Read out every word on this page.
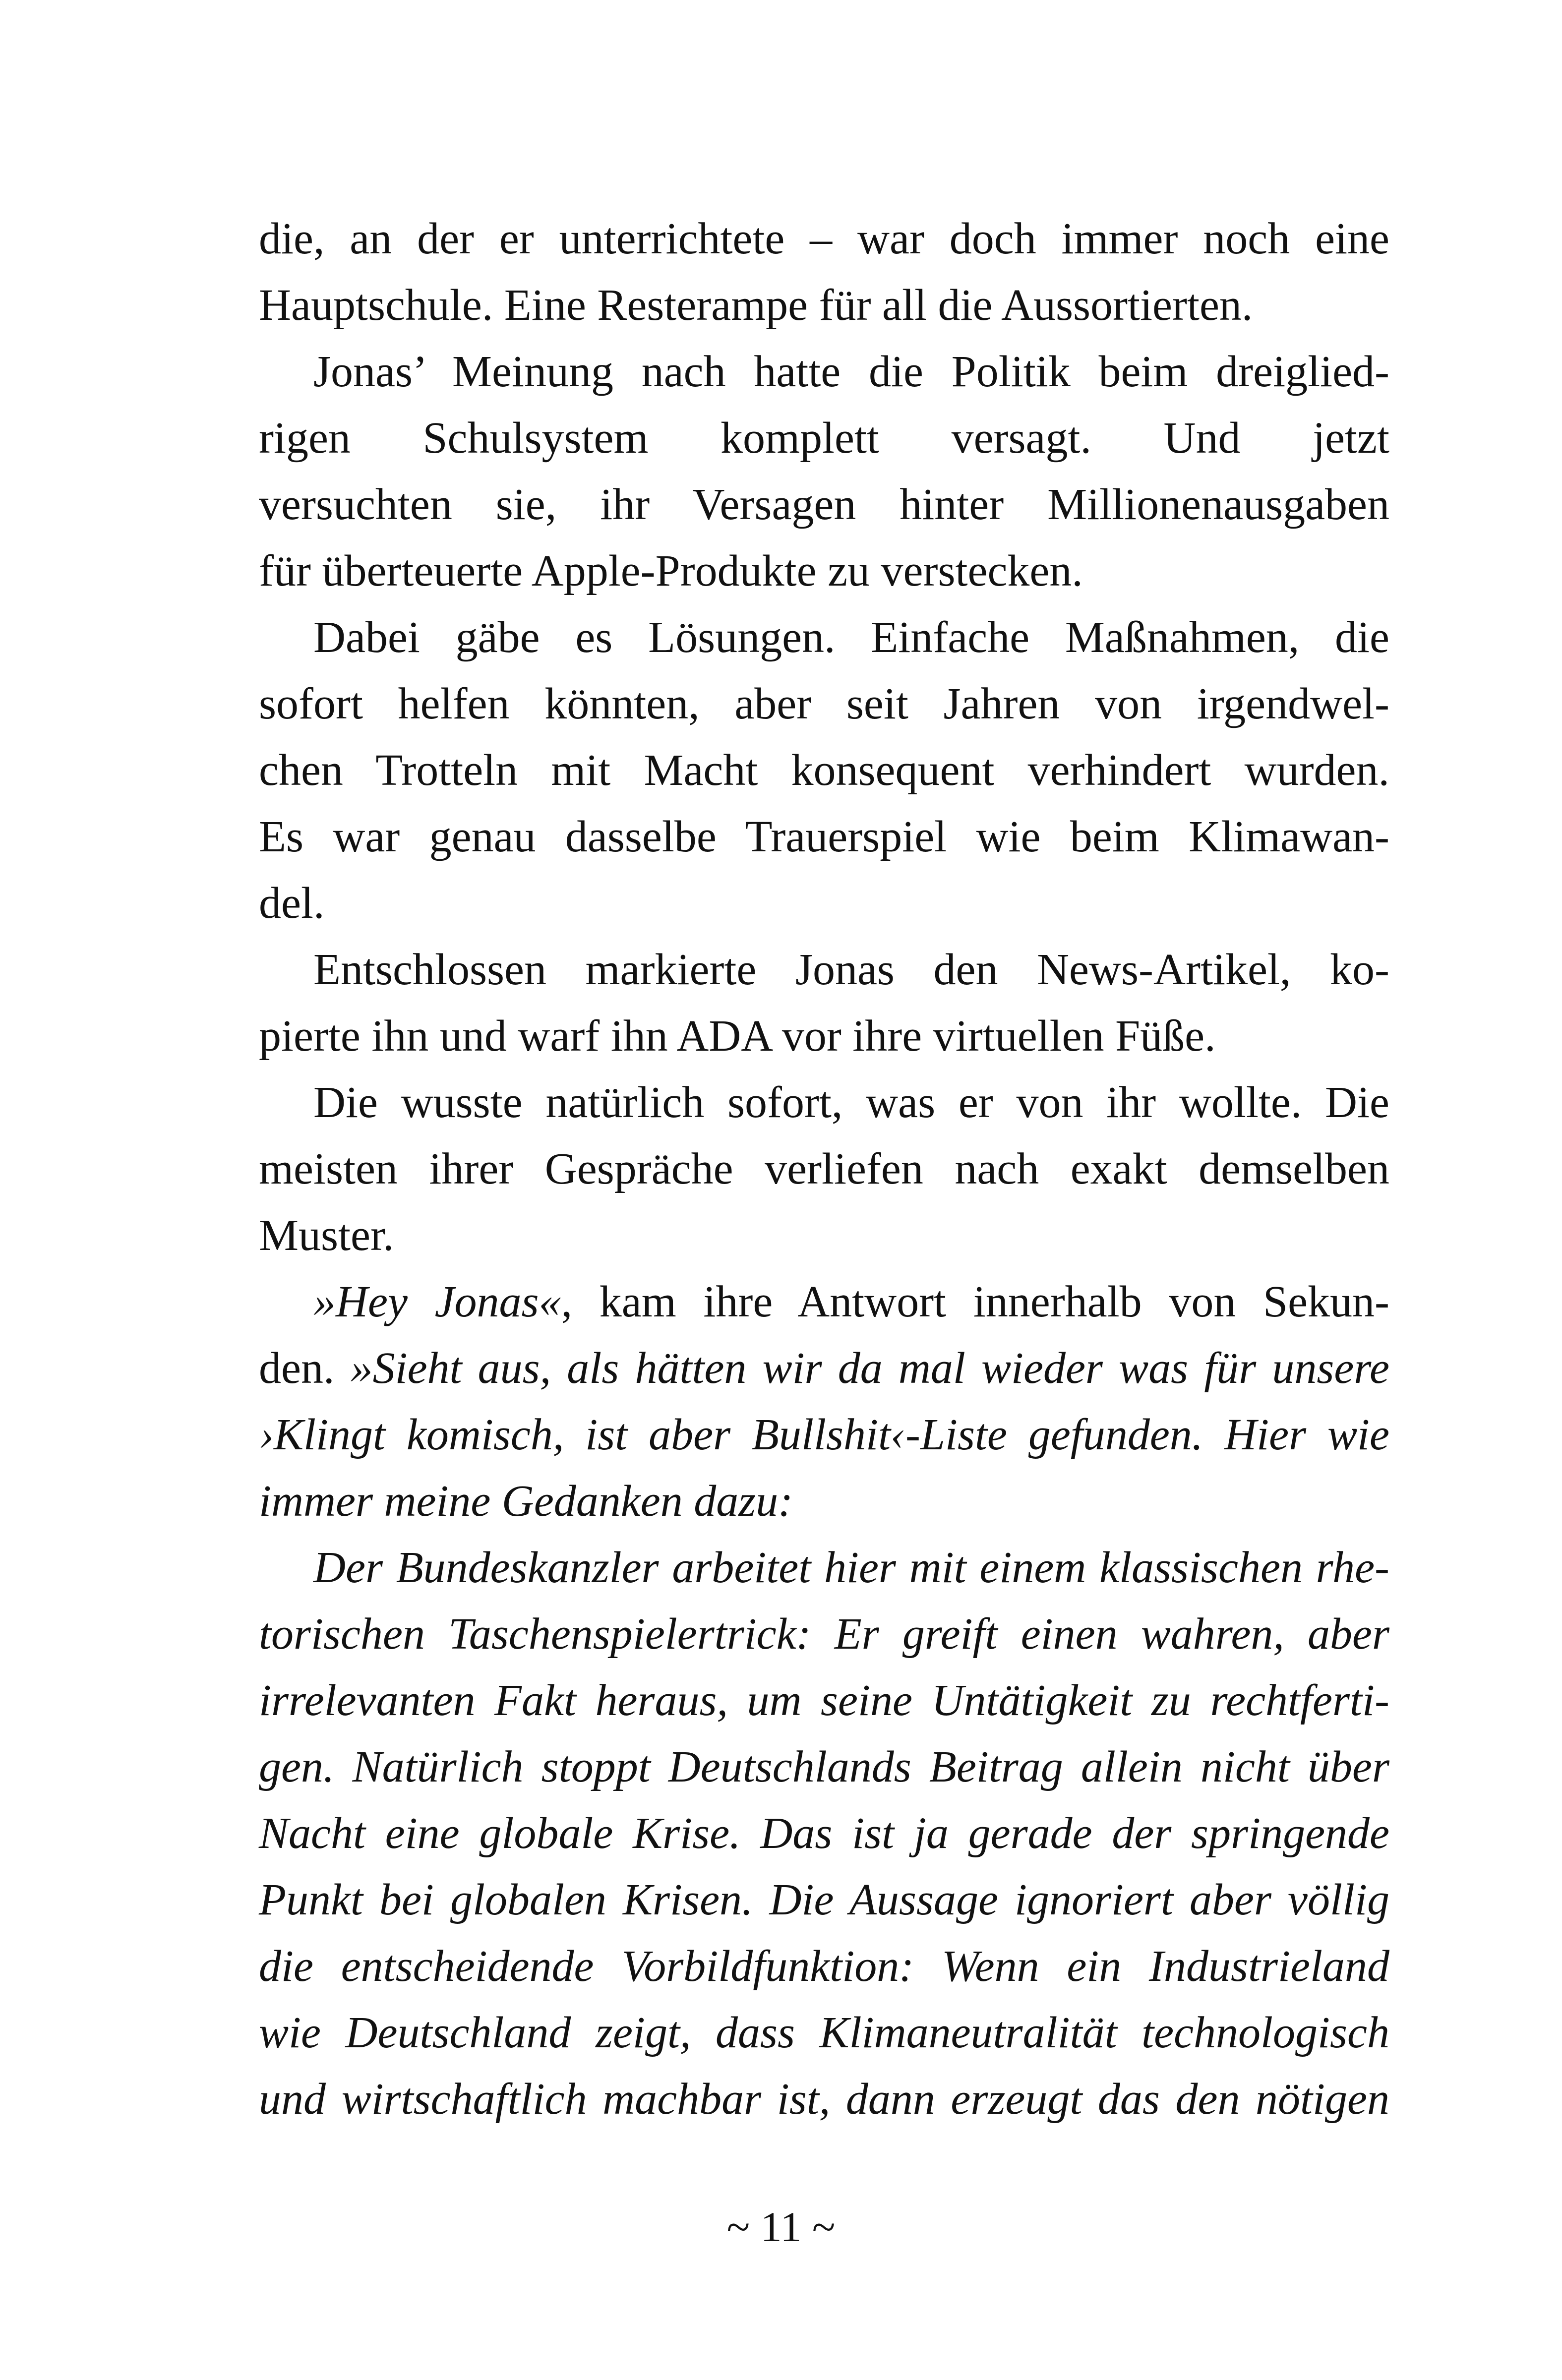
die, an der er unterrichtete – war doch immer noch eine
Hauptschule. Eine Resterampe für all die Aussortierten.
Jonas’ Meinung nach hatte die Politik beim dreiglied-
rigen Schulsystem komplett versagt. Und jetzt
versuchten sie, ihr Versagen hinter Millionenausgaben
für überteuerte Apple-Produkte zu verstecken.
Dabei gäbe es Lösungen. Einfache Maßnahmen, die
sofort helfen könnten, aber seit Jahren von irgendwel-
chen Trotteln mit Macht konsequent verhindert wurden.
Es war genau dasselbe Trauerspiel wie beim Klimawan-
del.
Entschlossen markierte Jonas den News-Artikel, ko-
pierte ihn und warf ihn ADA vor ihre virtuellen Füße.
Die wusste natürlich sofort, was er von ihr wollte. Die
meisten ihrer Gespräche verliefen nach exakt demselben
Muster.
»Hey Jonas«, kam ihre Antwort innerhalb von Sekun-
den. »Sieht aus, als hätten wir da mal wieder was für unsere
›Klingt komisch, ist aber Bullshit‹-Liste gefunden. Hier wie
immer meine Gedanken dazu:
Der Bundeskanzler arbeitet hier mit einem klassischen rhe-
torischen Taschenspielertrick: Er greift einen wahren, aber
irrelevanten Fakt heraus, um seine Untätigkeit zu rechtferti-
gen. Natürlich stoppt Deutschlands Beitrag allein nicht über
Nacht eine globale Krise. Das ist ja gerade der springende
Punkt bei globalen Krisen. Die Aussage ignoriert aber völlig
die entscheidende Vorbildfunktion: Wenn ein Industrieland
wie Deutschland zeigt, dass Klimaneutralität technologisch
und wirtschaftlich machbar ist, dann erzeugt das den nötigen
~ 11 ~
